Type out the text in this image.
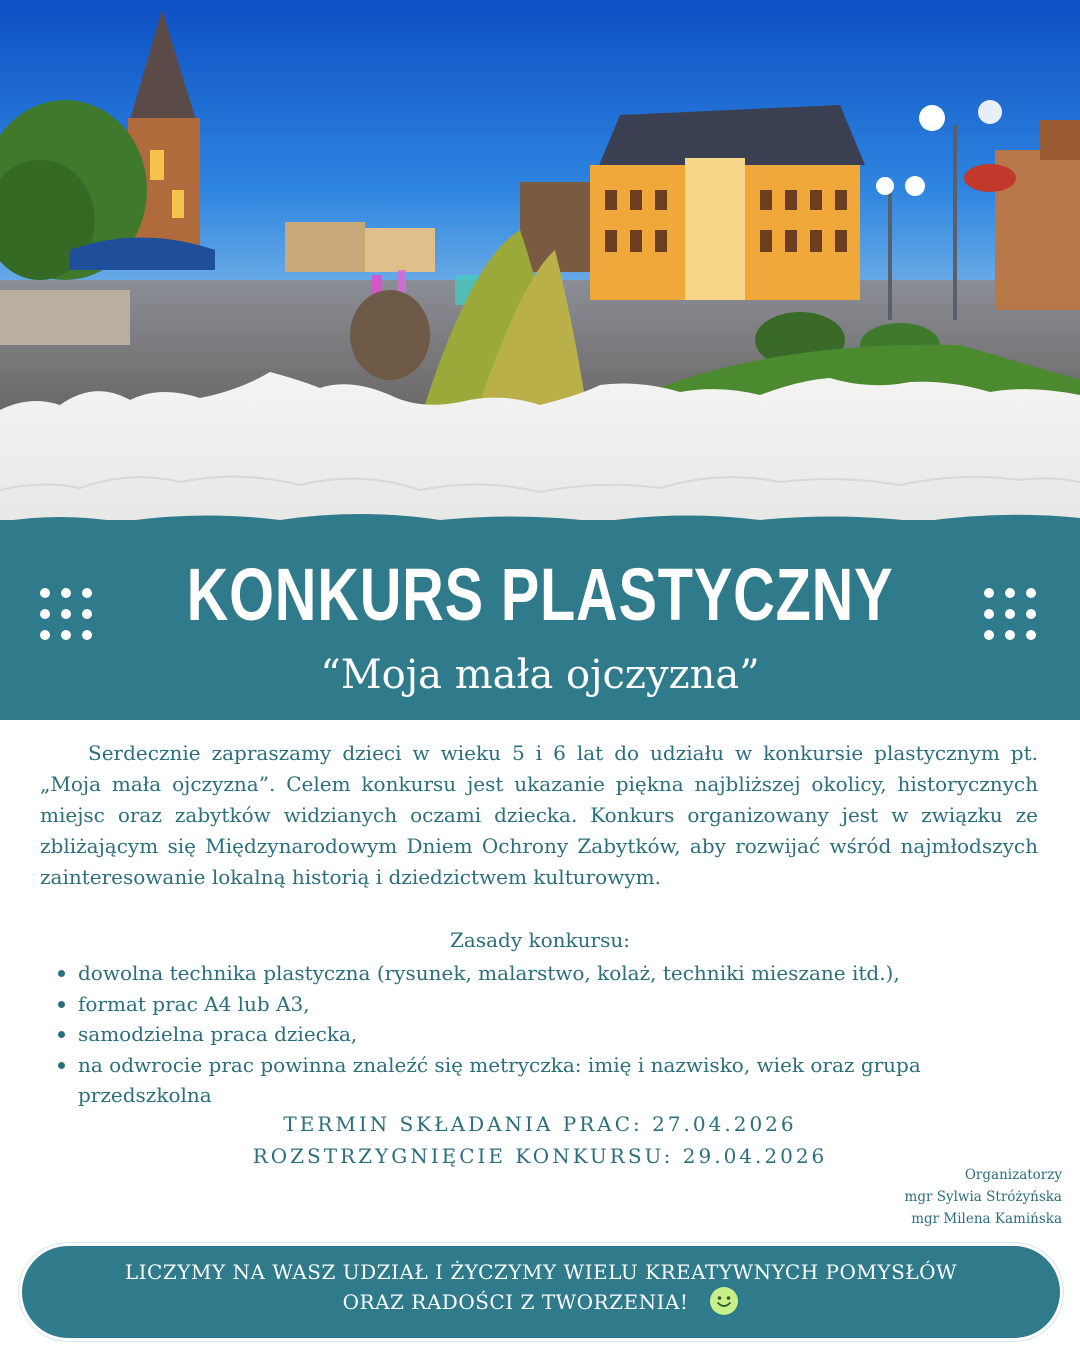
KONKURS PLASTYCZNY
“Moja mała ojczyzna”

Serdecznie zapraszamy dzieci w wieku 5 i 6 lat do udziału w konkursie plastycznym pt. „Moja mała ojczyzna”. Celem konkursu jest ukazanie piękna najbliższej okolicy, historycznych miejsc oraz zabytków widzianych oczami dziecka. Konkurs organizowany jest w związku ze zbliżającym się Międzynarodowym Dniem Ochrony Zabytków, aby rozwijać wśród najmłodszych zainteresowanie lokalną historią i dziedzictwem kulturowym.

Zasady konkursu:
dowolna technika plastyczna (rysunek, malarstwo, kolaż, techniki mieszane itd.),
format prac A4 lub A3,
samodzielna praca dziecka,
na odwrocie prac powinna znaleźć się metryczka: imię i nazwisko, wiek oraz grupa przedszkolna
TERMIN SKŁADANIA PRAC: 27.04.2026
ROZSTRZYGNIĘCIE KONKURSU: 29.04.2026
Organizatorzy
mgr Sylwia Stróżyńska
mgr Milena Kamińska
LICZYMY NA WASZ UDZIAŁ I ŻYCZYMY WIELU KREATYWNYCH POMYSŁÓW
ORAZ RADOŚCI Z TWORZENIA!
